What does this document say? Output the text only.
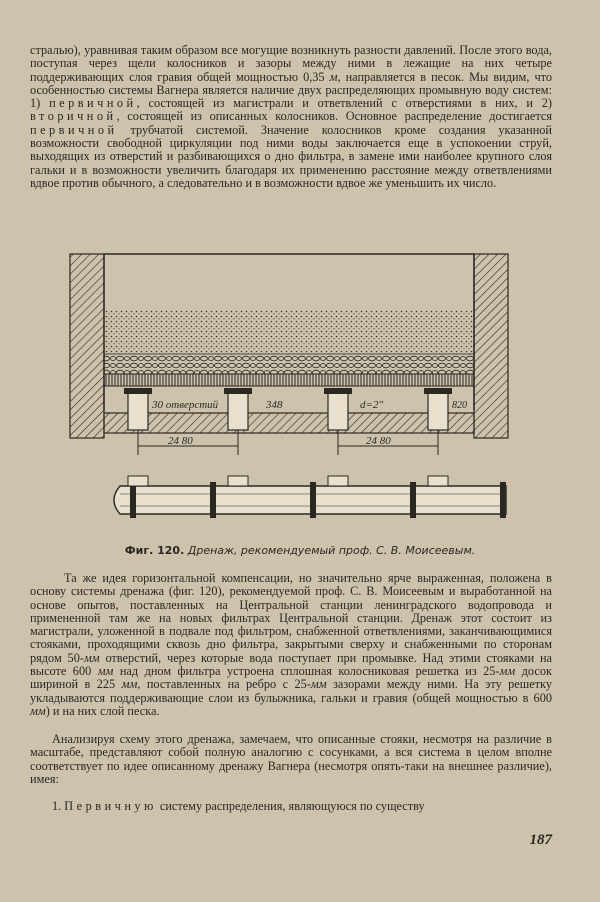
стралью), уравнивая таким образом все могущие возникнуть разности давлений. После этого вода, поступая через щели колосников и зазоры между ними в лежащие на них четыре поддерживающих слоя гравия общей мощностью 0,35 м, направляется в песок. Мы видим, что особенностью системы Вагнера является наличие двух распределяющих промывную воду систем: 1) первичной, состоящей из магистрали и ответвлений с отверстиями в них, и 2) вторичной, состоящей из описанных колосников. Основное распределение достигается первичной трубчатой системой. Значение колосников кроме создания указанной возможности свободной циркуляции под ними воды заключается еще в успокоении струй, выходящих из отверстий и разбивающихся о дно фильтра, в замене ими наиболее крупного слоя гальки и в возможности увеличить благодаря их применению расстояние между ответвлениями вдвое против обычного, а следовательно и в возможности вдвое же уменьшить их число.

30 отверстий	348	d=2"	820
24 80	24 80
Фиг. 120. Дренаж, рекомендуемый проф. С. В. Моисеевым.

Та же идея горизонтальной компенсации, но значительно ярче выраженная, положена в основу системы дренажа (фиг. 120), рекомендуемой проф. С. В. Моисеевым и выработанной на основе опытов, поставленных на Центральной станции ленинградского водопровода и примененной там же на новых фильтрах Центральной станции. Дренаж этот состоит из магистрали, уложенной в подвале под фильтром, снабженной ответвлениями, заканчивающимися стояками, проходящими сквозь дно фильтра, закрытыми сверху и снабженными по сторонам рядом 50-мм отверстий, через которые вода поступает при промывке. Над этими стояками на высоте 600 мм над дном фильтра устроена сплошная колосниковая решетка из 25-мм досок шириной в 225 мм, поставленных на ребро с 25-мм зазорами между ними. На эту решетку укладываются поддерживающие слои из булыжника, гальки и гравия (общей мощностью в 600 мм) и на них слой песка.

Анализируя схему этого дренажа, замечаем, что описанные стояки, несмотря на различие в масштабе, представляют собой полную аналогию с сосунками, а вся система в целом вполне соответствует по идее описанному дренажу Вагнера (несмотря опять-таки на внешнее различие), имея:

1. Первичную систему распределения, являющуюся по существу

187
